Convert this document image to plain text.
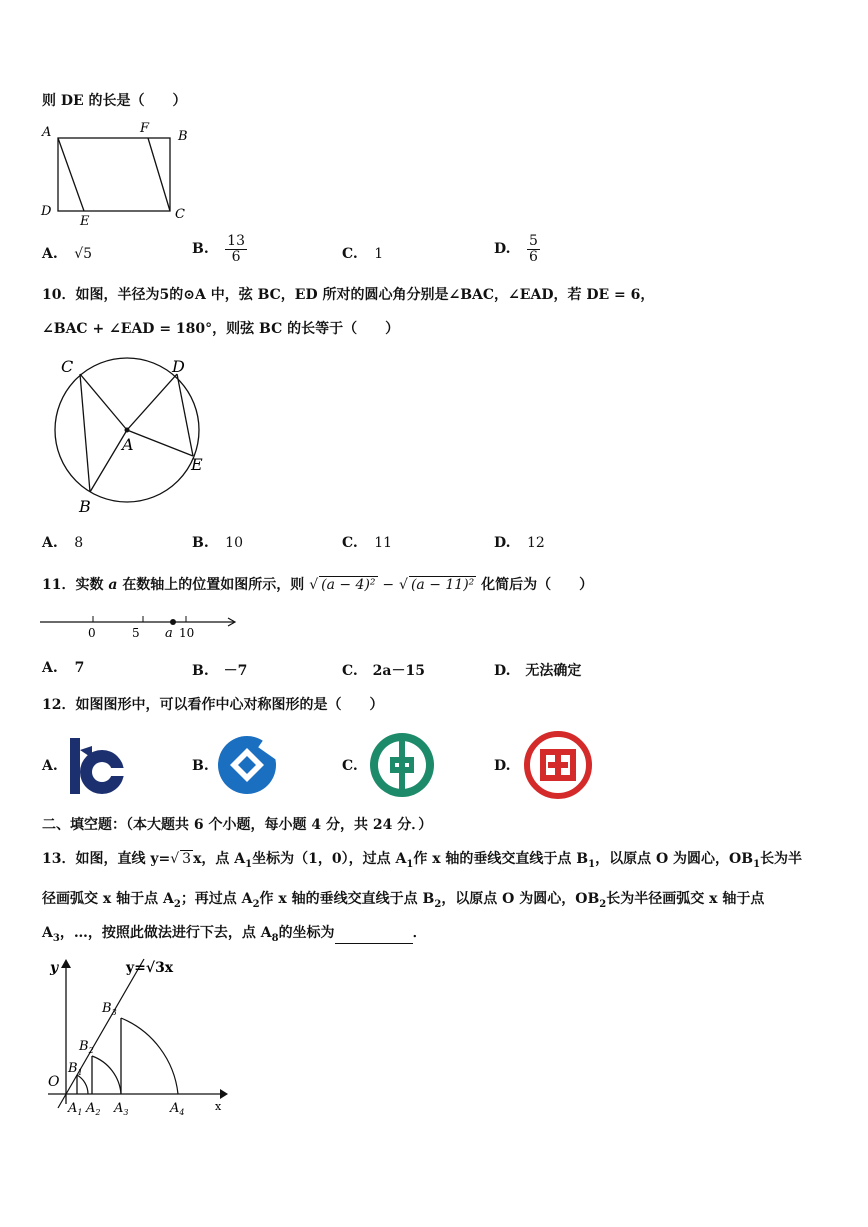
则 DE 的长是（　　）
A	F
B
D
E	C
A. √5	B. $\frac{13}{6}$	C. 1	D. $\frac{5}{6}$
10．如图，半径为5的⊙A 中，弦 BC，ED 所对的圆心角分别是∠BAC，∠EAD，若 DE = 6，
∠BAC + ∠EAD = 180°，则弦 BC 的长等于（　　）
C	D
A
E
B
A. 8	B. 10	C. 11	D. 12
11．实数 a 在数轴上的位置如图所示，则 √ (a − 4)² − √ (a − 11)² 化简后为（　　）
0	5 a 10
A. 7	B. －7	C. 2a－15	D. 无法确定
12．如图图形中，可以看作中心对称图形的是（　　）
A.	B.	C.	D.
二、填空题：（本大题共 6 个小题，每小题 4 分，共 24 分．）
13．如图，直线 y=√ 3 x，点 $A_1$坐标为（1，0），过点 $A_1$作 x 轴的垂线交直线于点 $B_1$，以原点 O 为圆心，$OB_1$长为半
径画弧交 x 轴于点 $A_2$；再过点 $A_2$作 x 轴的垂线交直线于点 $B_2$，以原点 O 为圆心，$OB_2$长为半径画弧交 x 轴于点
$A_3$，…，按照此做法进行下去，点 $A_8$的坐标为	．
y	y=√3x
O
x
$B_1$
$B_2$
$B_3$
$A_1$ $A_2$ $A_3$	$A_4$
